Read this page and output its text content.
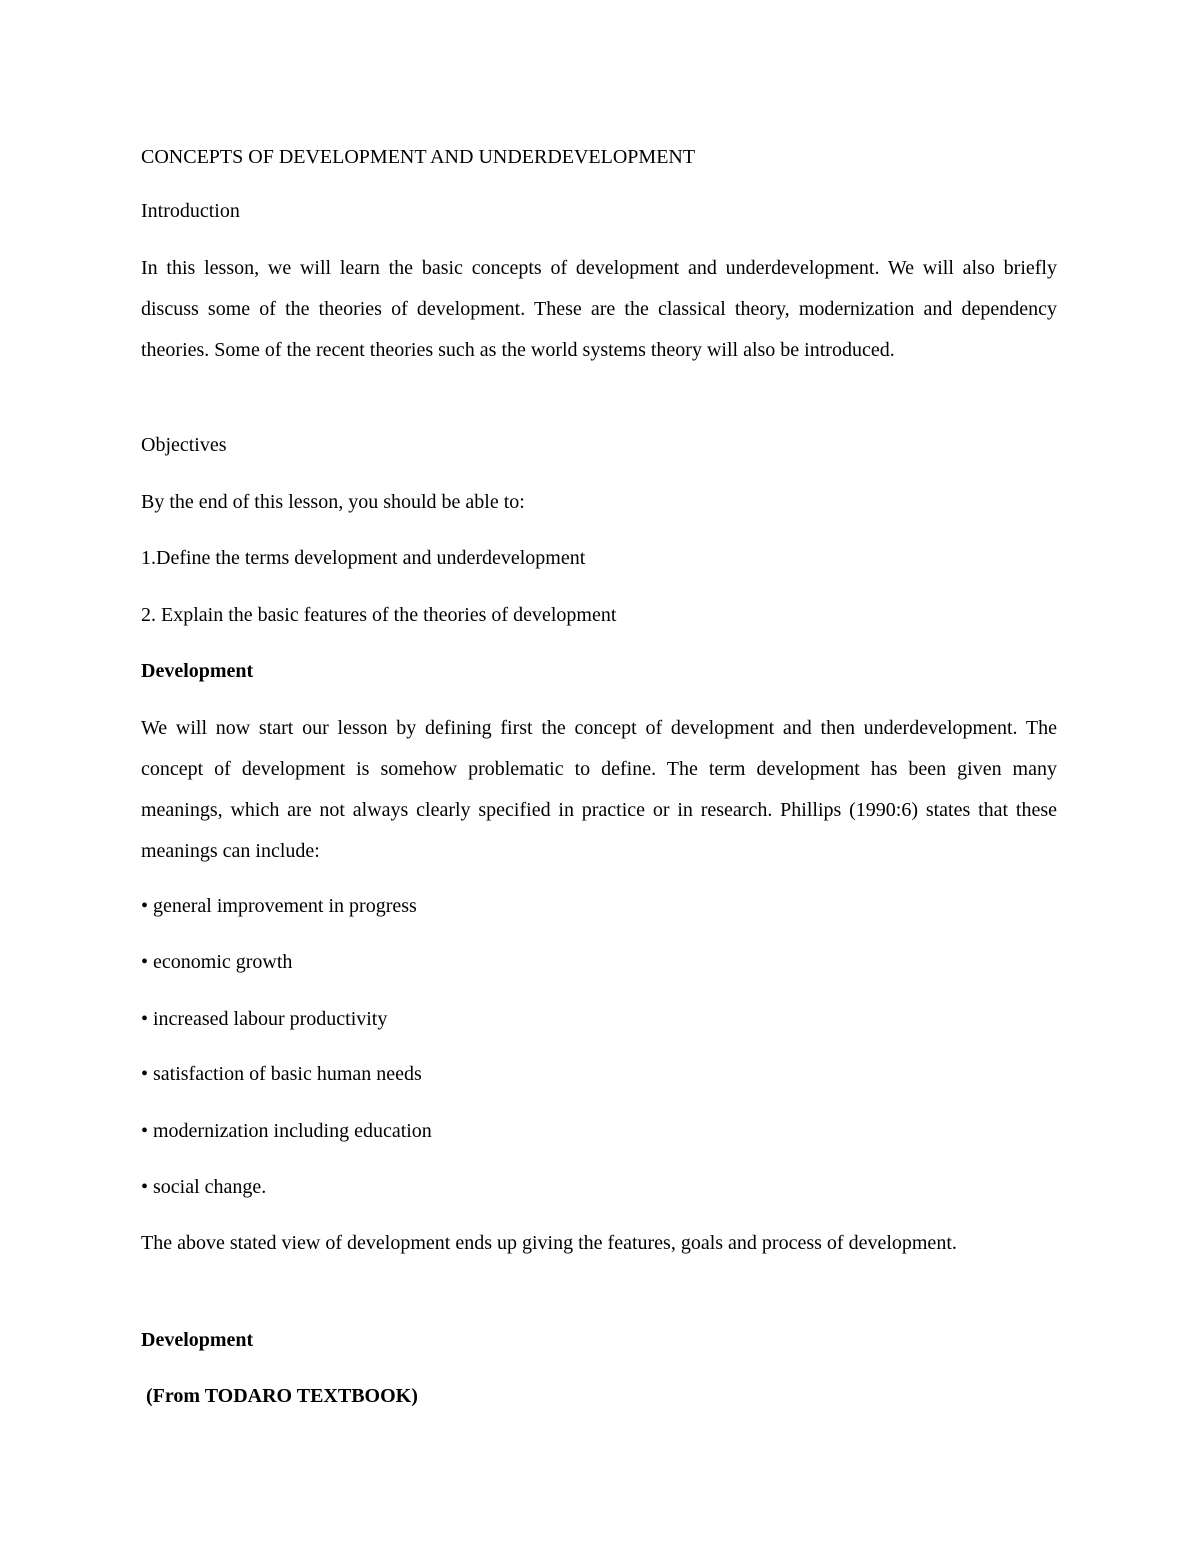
CONCEPTS OF DEVELOPMENT AND UNDERDEVELOPMENT

Introduction

In this lesson, we will learn the basic concepts of development and underdevelopment. We will also briefly discuss some of the theories of development. These are the classical theory, modernization and dependency theories. Some of the recent theories such as the world systems theory will also be introduced.

Objectives

By the end of this lesson, you should be able to:

1.Define the terms development and underdevelopment

2. Explain the basic features of the theories of development

Development

We will now start our lesson by defining first the concept of development and then underdevelopment. The concept of development is somehow problematic to define. The term development has been given many meanings, which are not always clearly specified in practice or in research. Phillips (1990:6) states that these meanings can include:

• general improvement in progress

• economic growth

• increased labour productivity

• satisfaction of basic human needs

• modernization including education

• social change.

The above stated view of development ends up giving the features, goals and process of development.

Development

(From TODARO TEXTBOOK)
